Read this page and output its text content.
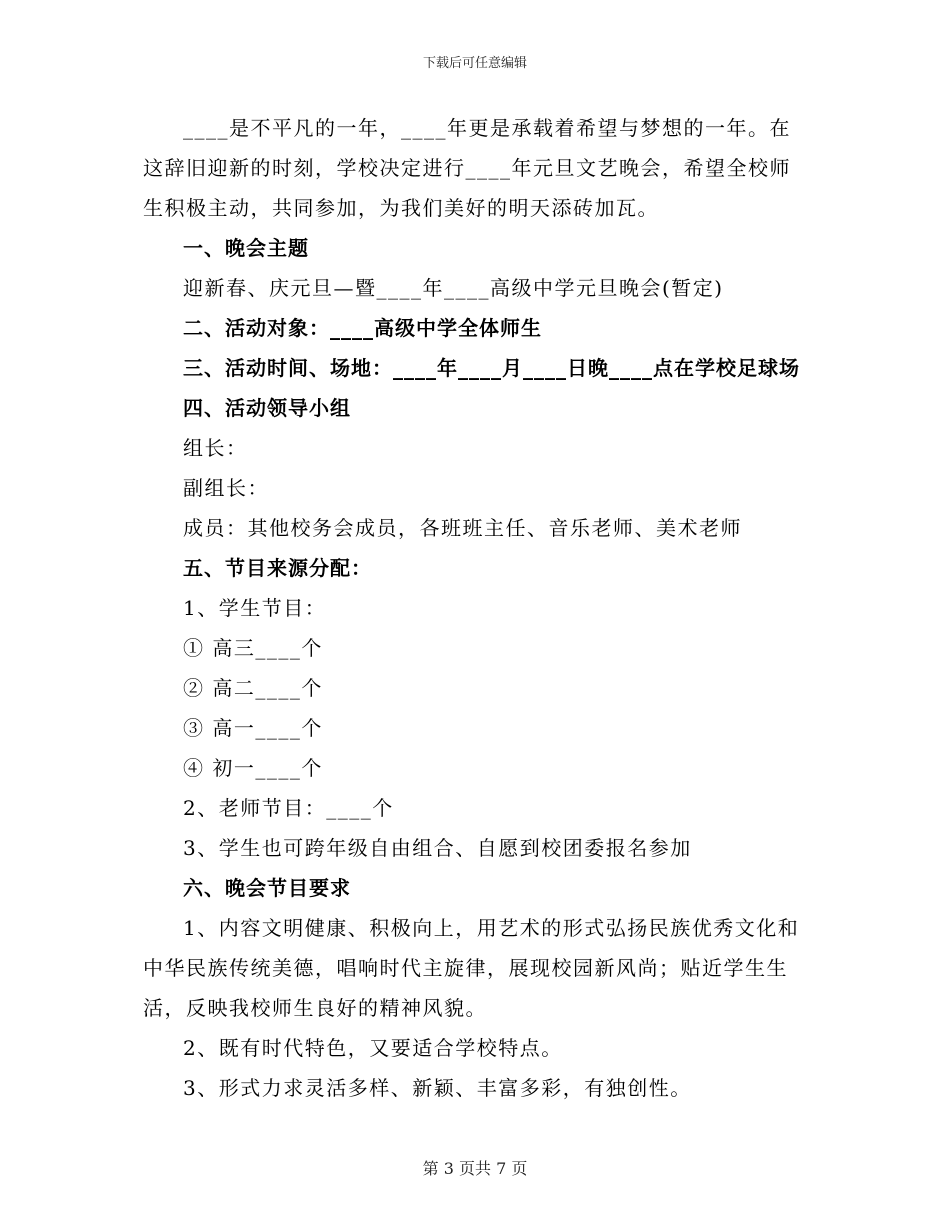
下载后可任意编辑

____是不平凡的一年，____年更是承载着希望与梦想的一年。在这辞旧迎新的时刻，学校决定进行____年元旦文艺晚会，希望全校师生积极主动，共同参加，为我们美好的明天添砖加瓦。

一、晚会主题

迎新春、庆元旦—暨____年____高级中学元旦晚会(暂定)

二、活动对象：____高级中学全体师生

三、活动时间、场地：____年____月____日晚____点在学校足球场

四、活动领导小组

组长：

副组长：

成员：其他校务会成员，各班班主任、音乐老师、美术老师

五、节目来源分配：

1、学生节目：

① 高三____个

② 高二____个

③ 高一____个

④ 初一____个

2、老师节目：____个

3、学生也可跨年级自由组合、自愿到校团委报名参加

六、晚会节目要求

1、内容文明健康、积极向上，用艺术的形式弘扬民族优秀文化和中华民族传统美德，唱响时代主旋律，展现校园新风尚；贴近学生生活，反映我校师生良好的精神风貌。

2、既有时代特色，又要适合学校特点。

3、形式力求灵活多样、新颖、丰富多彩，有独创性。

第 3 页共 7 页
